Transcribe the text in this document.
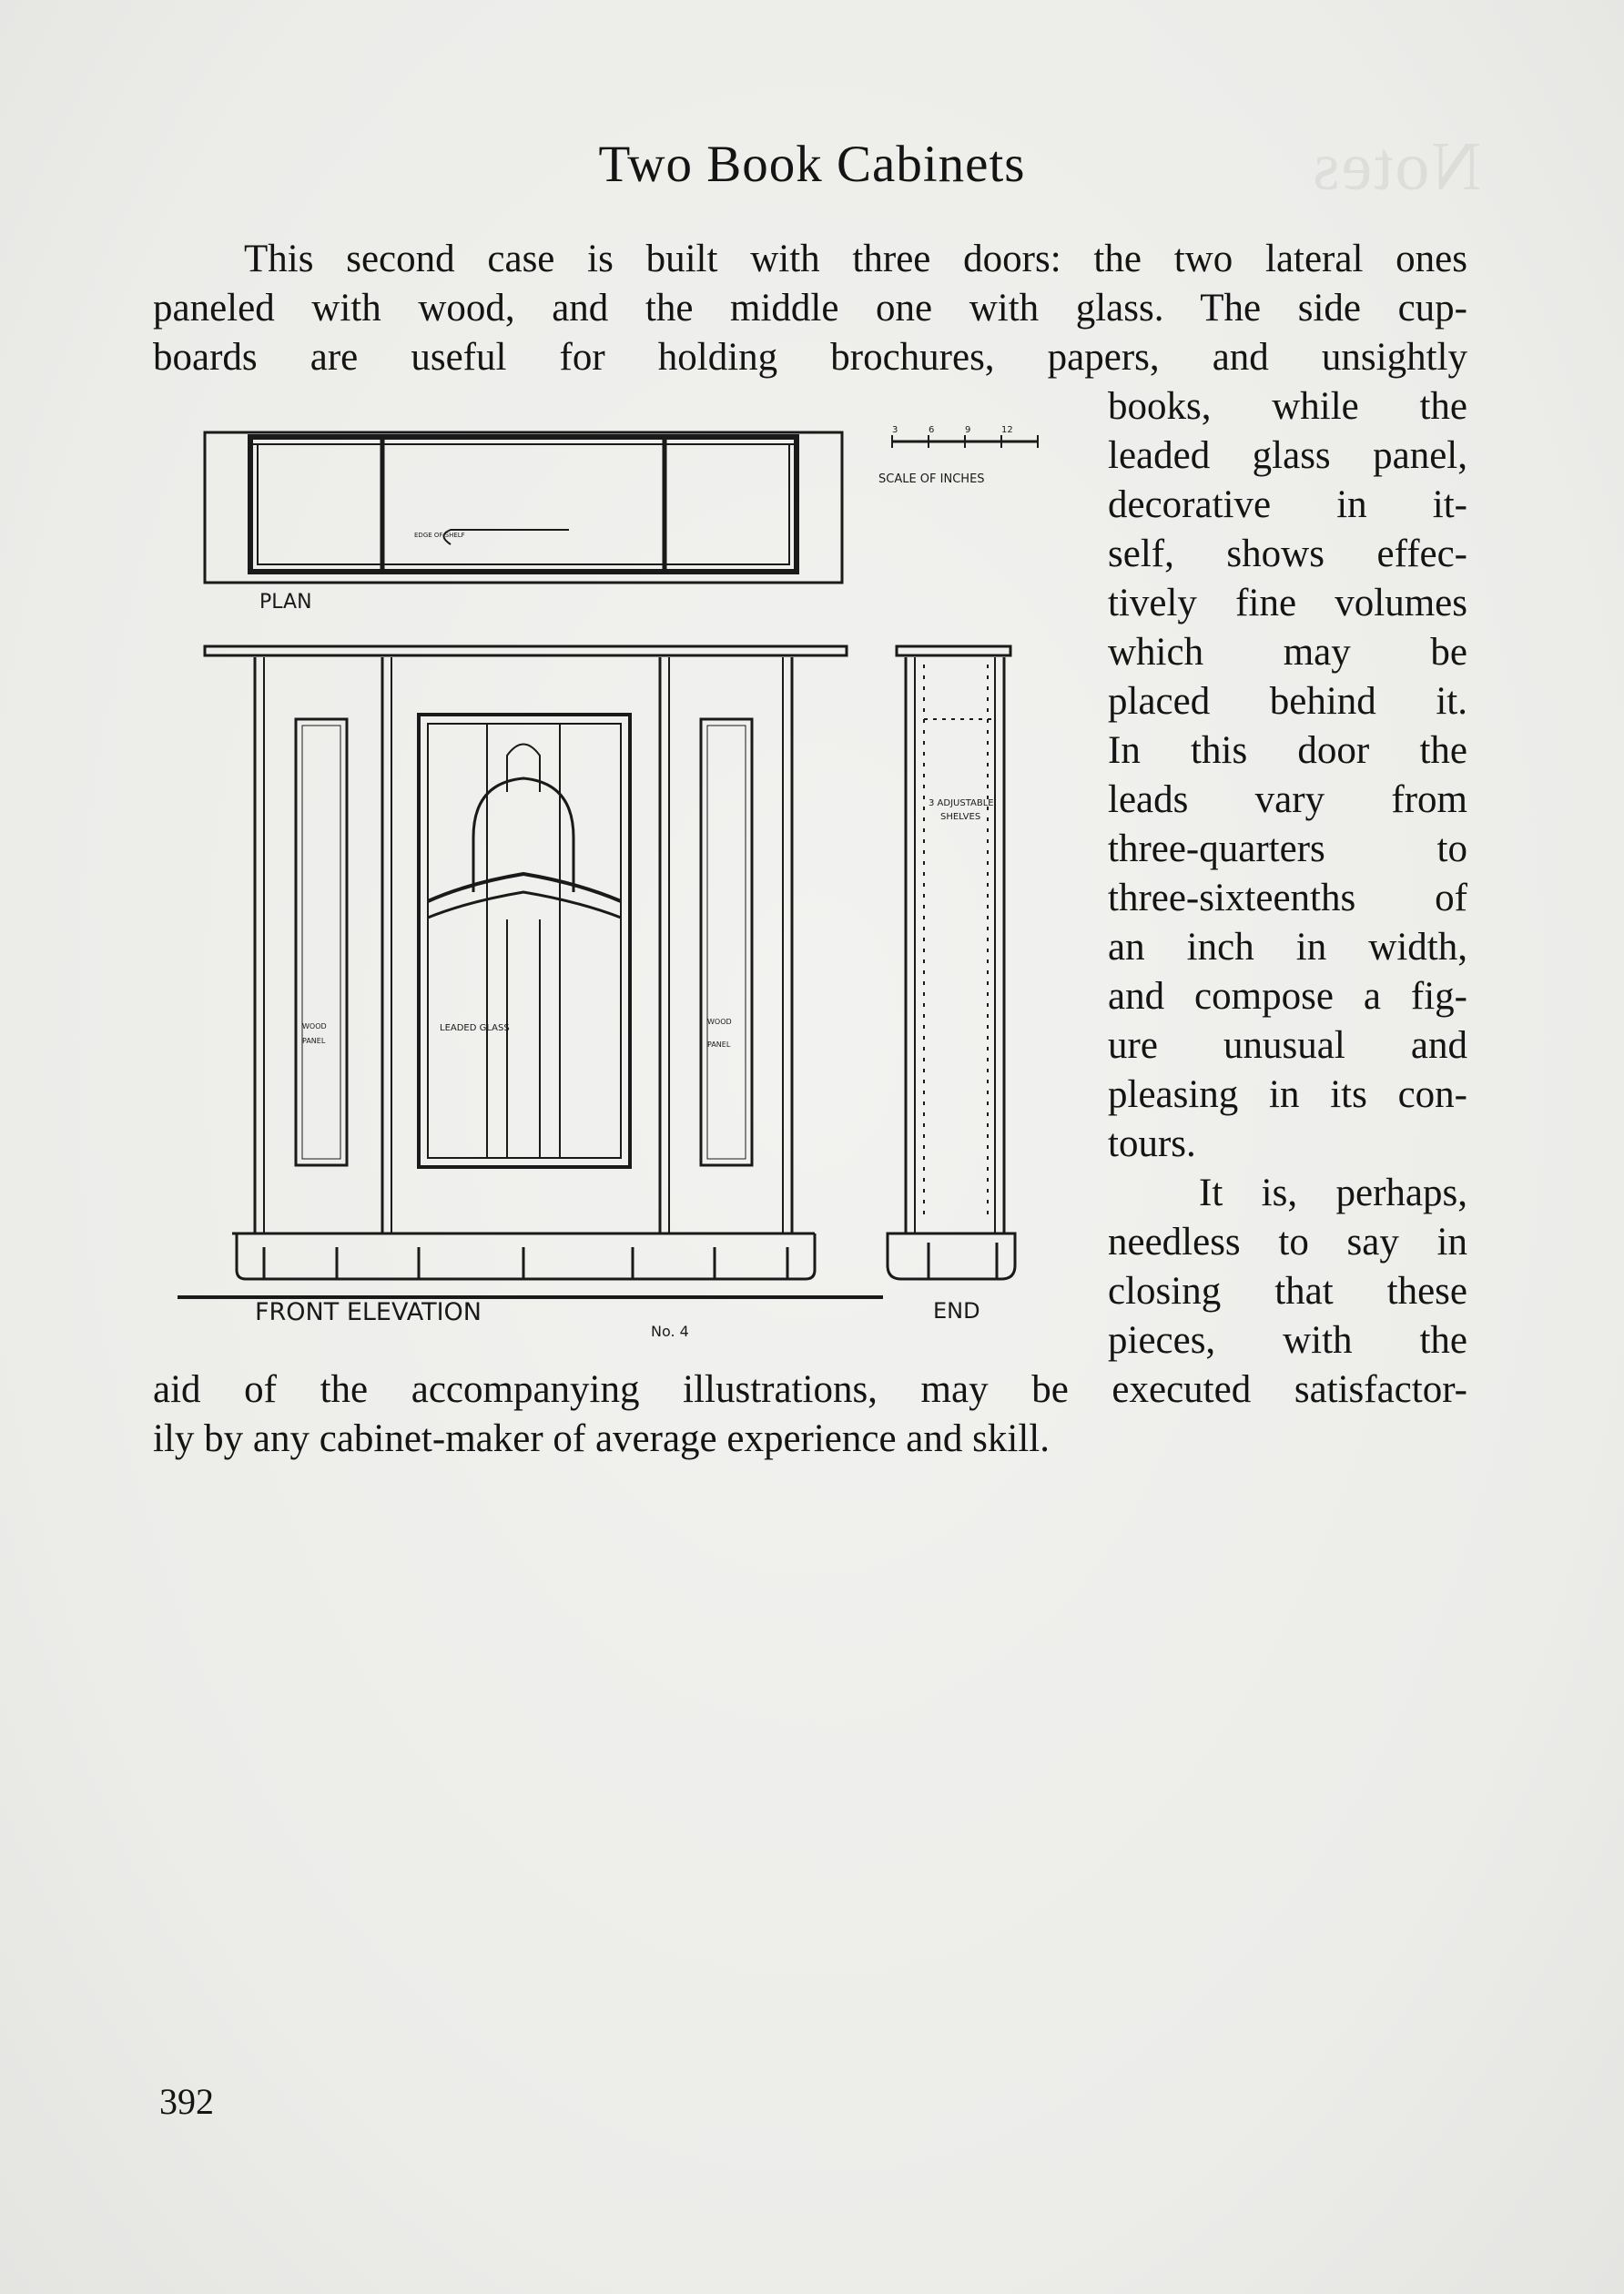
Notes
Two Book Cabinets
This second case is built with three doors: the two lateral ones
paneled with wood, and the middle one with glass. The side cup-
boards are useful for holding brochures, papers, and unsightly
books, while the
leaded glass panel,
decorative in it-
self, shows effec-
tively fine volumes
which may be
placed behind it.
In this door the
leads vary from
three-quarters to
three-sixteenths of
an inch in width,
and compose a fig-
ure unusual and
pleasing in its con-
tours.
It is, perhaps,
needless to say in
closing that these
pieces, with the
aid of the accompanying illustrations, may be executed satisfactor-
ily by any cabinet-maker of average experience and skill.
PLAN
EDGE OF SHELF
SCALE OF INCHES
3	6	9	12
3 ADJUSTABLE
SHELVES
WOOD
PANEL
LEADED GLASS
WOOD
PANEL
FRONT ELEVATION
No. 4
END
392
